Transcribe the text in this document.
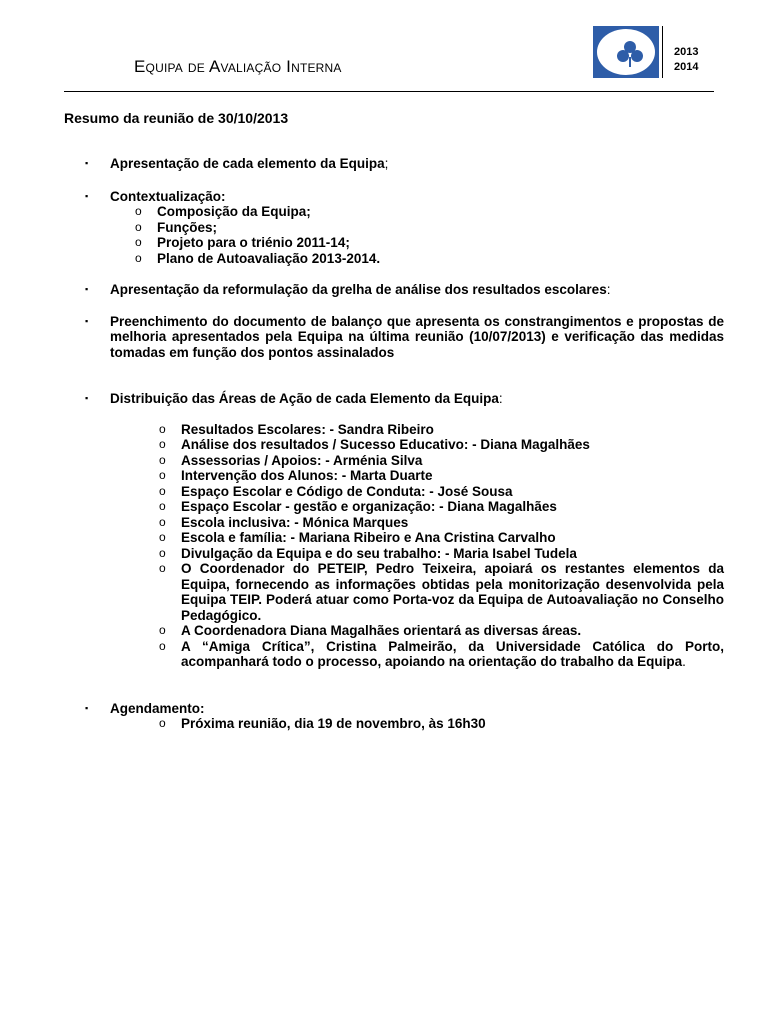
Equipa de Avaliação Interna
2013
2014
Resumo da reunião de 30/10/2013
▪ Apresentação de cada elemento da Equipa;
▪ Contextualização:
o Composição da Equipa;
o Funções;
o Projeto para o triénio 2011-14;
o Plano de Autoavaliação 2013-2014.
▪ Apresentação da reformulação da grelha de análise dos resultados escolares:
▪ Preenchimento do documento de balanço que apresenta os constrangimentos e propostas de melhoria apresentados pela Equipa na última reunião (10/07/2013) e verificação das medidas tomadas em função dos pontos assinalados
▪ Distribuição das Áreas de Ação de cada Elemento da Equipa:
o Resultados Escolares: - Sandra Ribeiro
o Análise dos resultados / Sucesso Educativo: - Diana Magalhães
o Assessorias / Apoios: - Arménia Silva
o Intervenção dos Alunos: - Marta Duarte
o Espaço Escolar e Código de Conduta: - José Sousa
o Espaço Escolar - gestão e organização: - Diana Magalhães
o Escola inclusiva: - Mónica Marques
o Escola e família: - Mariana Ribeiro e Ana Cristina Carvalho
o Divulgação da Equipa e do seu trabalho: - Maria Isabel Tudela
o O Coordenador do PETEIP, Pedro Teixeira, apoiará os restantes elementos da Equipa, fornecendo as informações obtidas pela monitorização desenvolvida pela Equipa TEIP. Poderá atuar como Porta-voz da Equipa de Autoavaliação no Conselho Pedagógico.
o A Coordenadora Diana Magalhães orientará as diversas áreas.
o A “Amiga Crítica”, Cristina Palmeirão, da Universidade Católica do Porto, acompanhará todo o processo, apoiando na orientação do trabalho da Equipa.
▪ Agendamento:
o Próxima reunião, dia 19 de novembro, às 16h30
